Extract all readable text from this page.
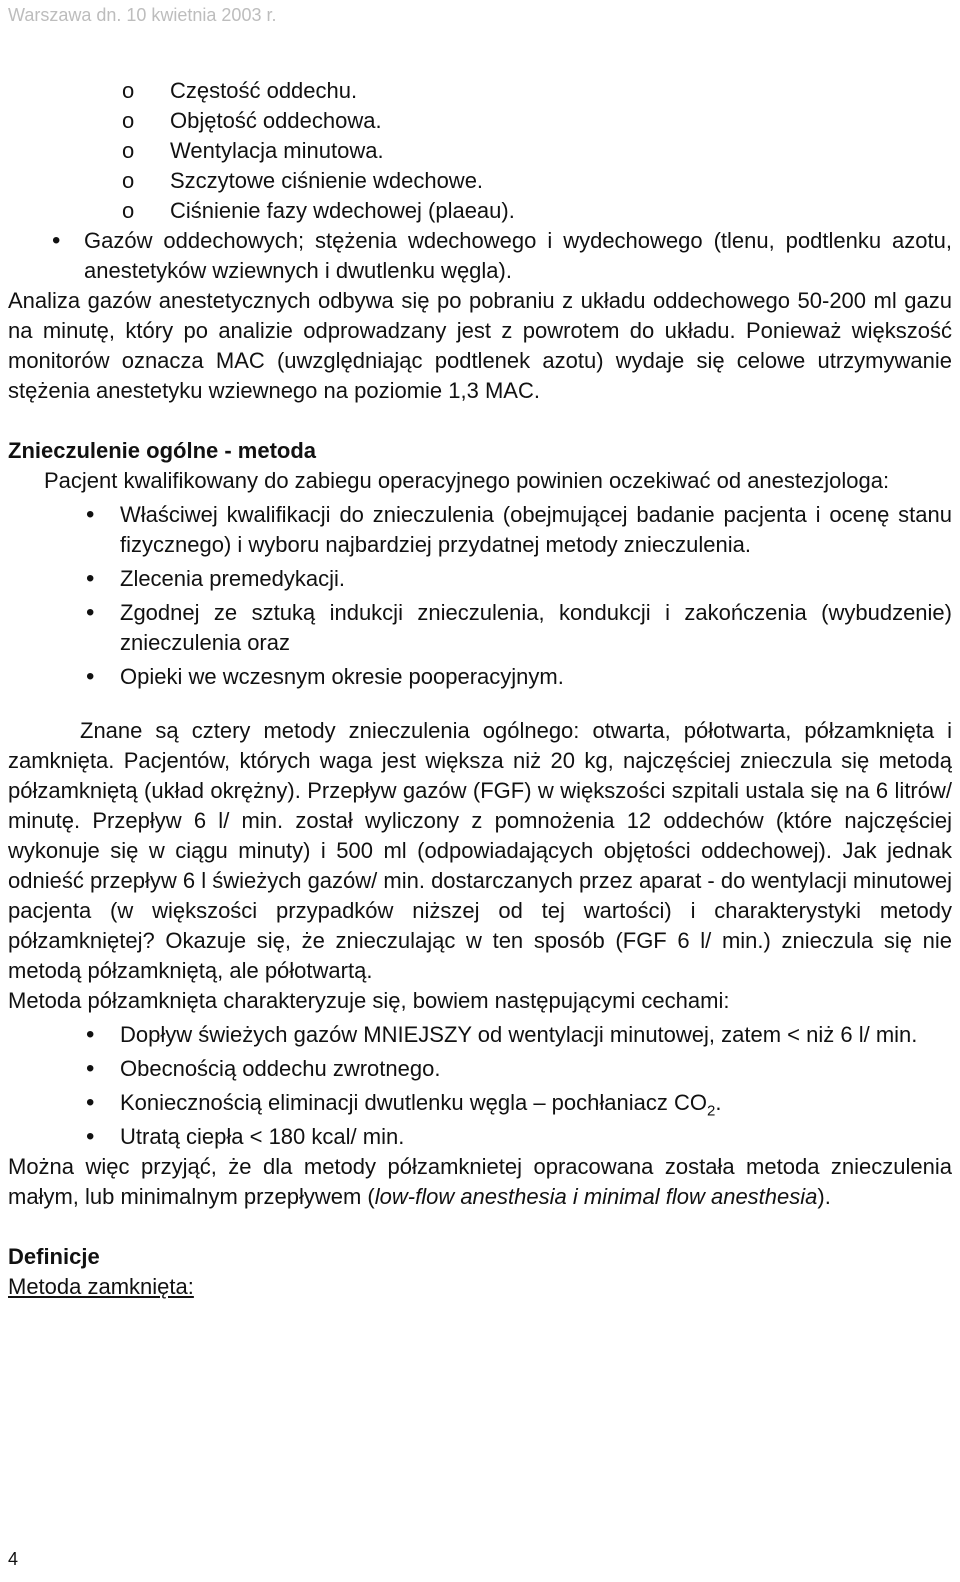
Warszawa dn. 10 kwietnia 2003 r.
o Częstość oddechu.
o Objętość oddechowa.
o Wentylacja minutowa.
o Szczytowe ciśnienie wdechowe.
o Ciśnienie fazy wdechowej (plaeau).
• Gazów oddechowych; stężenia wdechowego i wydechowego (tlenu, podtlenku azotu, anestetyków wziewnych i dwutlenku węgla).

Analiza gazów anestetycznych odbywa się po pobraniu z układu oddechowego 50-200 ml gazu na minutę, który po analizie odprowadzany jest z powrotem do układu. Ponieważ większość monitorów oznacza MAC (uwzględniając podtlenek azotu) wydaje się celowe utrzymywanie stężenia anestetyku wziewnego na poziomie 1,3 MAC.

Znieczulenie ogólne - metoda

Pacjent kwalifikowany do zabiegu operacyjnego powinien oczekiwać od anestezjologa:

• Właściwej kwalifikacji do znieczulenia (obejmującej badanie pacjenta i ocenę stanu fizycznego) i wyboru najbardziej przydatnej metody znieczulenia.
• Zlecenia premedykacji.
• Zgodnej ze sztuką indukcji znieczulenia, kondukcji i zakończenia (wybudzenie) znieczulenia oraz
• Opieki we wczesnym okresie pooperacyjnym.

Znane są cztery metody znieczulenia ogólnego: otwarta, półotwarta, półzamknięta i zamknięta. Pacjentów, których waga jest większa niż 20 kg, najczęściej znieczula się metodą półzamkniętą (układ okrężny). Przepływ gazów (FGF) w większości szpitali ustala się na 6 litrów/ minutę. Przepływ 6 l/ min. został wyliczony z pomnożenia 12 oddechów (które najczęściej wykonuje się w ciągu minuty) i 500 ml (odpowiadających objętości oddechowej). Jak jednak odnieść przepływ 6 l świeżych gazów/ min. dostarczanych przez aparat - do wentylacji minutowej pacjenta (w większości przypadków niższej od tej wartości) i charakterystyki metody półzamkniętej? Okazuje się, że znieczulając w ten sposób (FGF 6 l/ min.) znieczula się nie metodą półzamkniętą, ale półotwartą.

Metoda półzamknięta charakteryzuje się, bowiem następującymi cechami:

• Dopływ świeżych gazów MNIEJSZY od wentylacji minutowej, zatem < niż 6 l/ min.
• Obecnością oddechu zwrotnego.
• Koniecznością eliminacji dwutlenku węgla – pochłaniacz $CO_2$.
• Utratą ciepła < 180 kcal/ min.

Można więc przyjąć, że dla metody półzamknietej opracowana została metoda znieczulenia małym, lub minimalnym przepływem (low-flow anesthesia i minimal flow anesthesia).

Definicje

Metoda zamknięta:

4
